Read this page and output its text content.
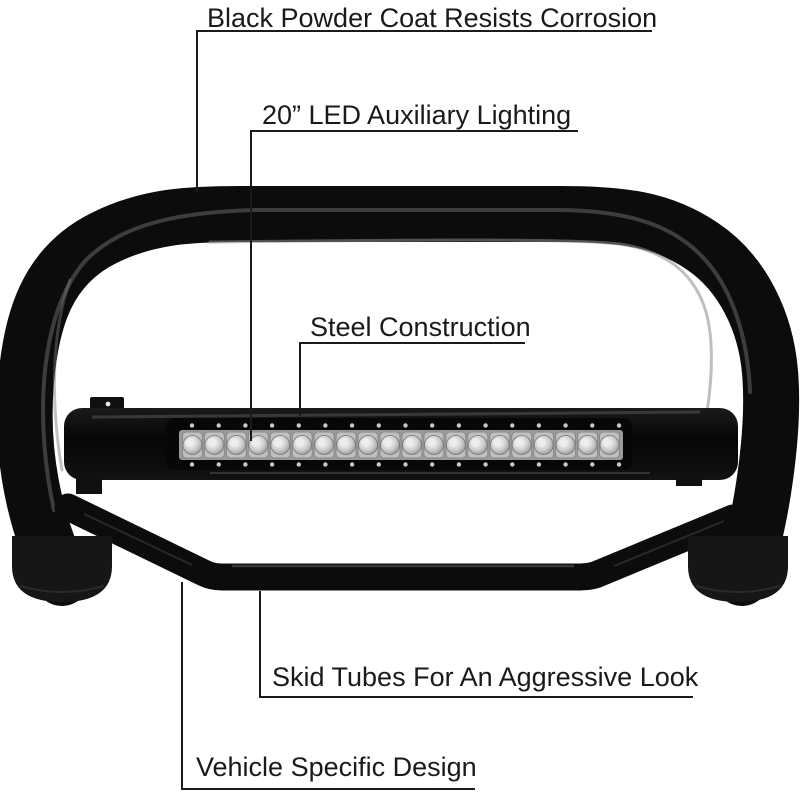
Black Powder Coat Resists Corrosion
20” LED Auxiliary Lighting
Steel Construction
Skid Tubes For An Aggressive Look
Vehicle Specific Design
